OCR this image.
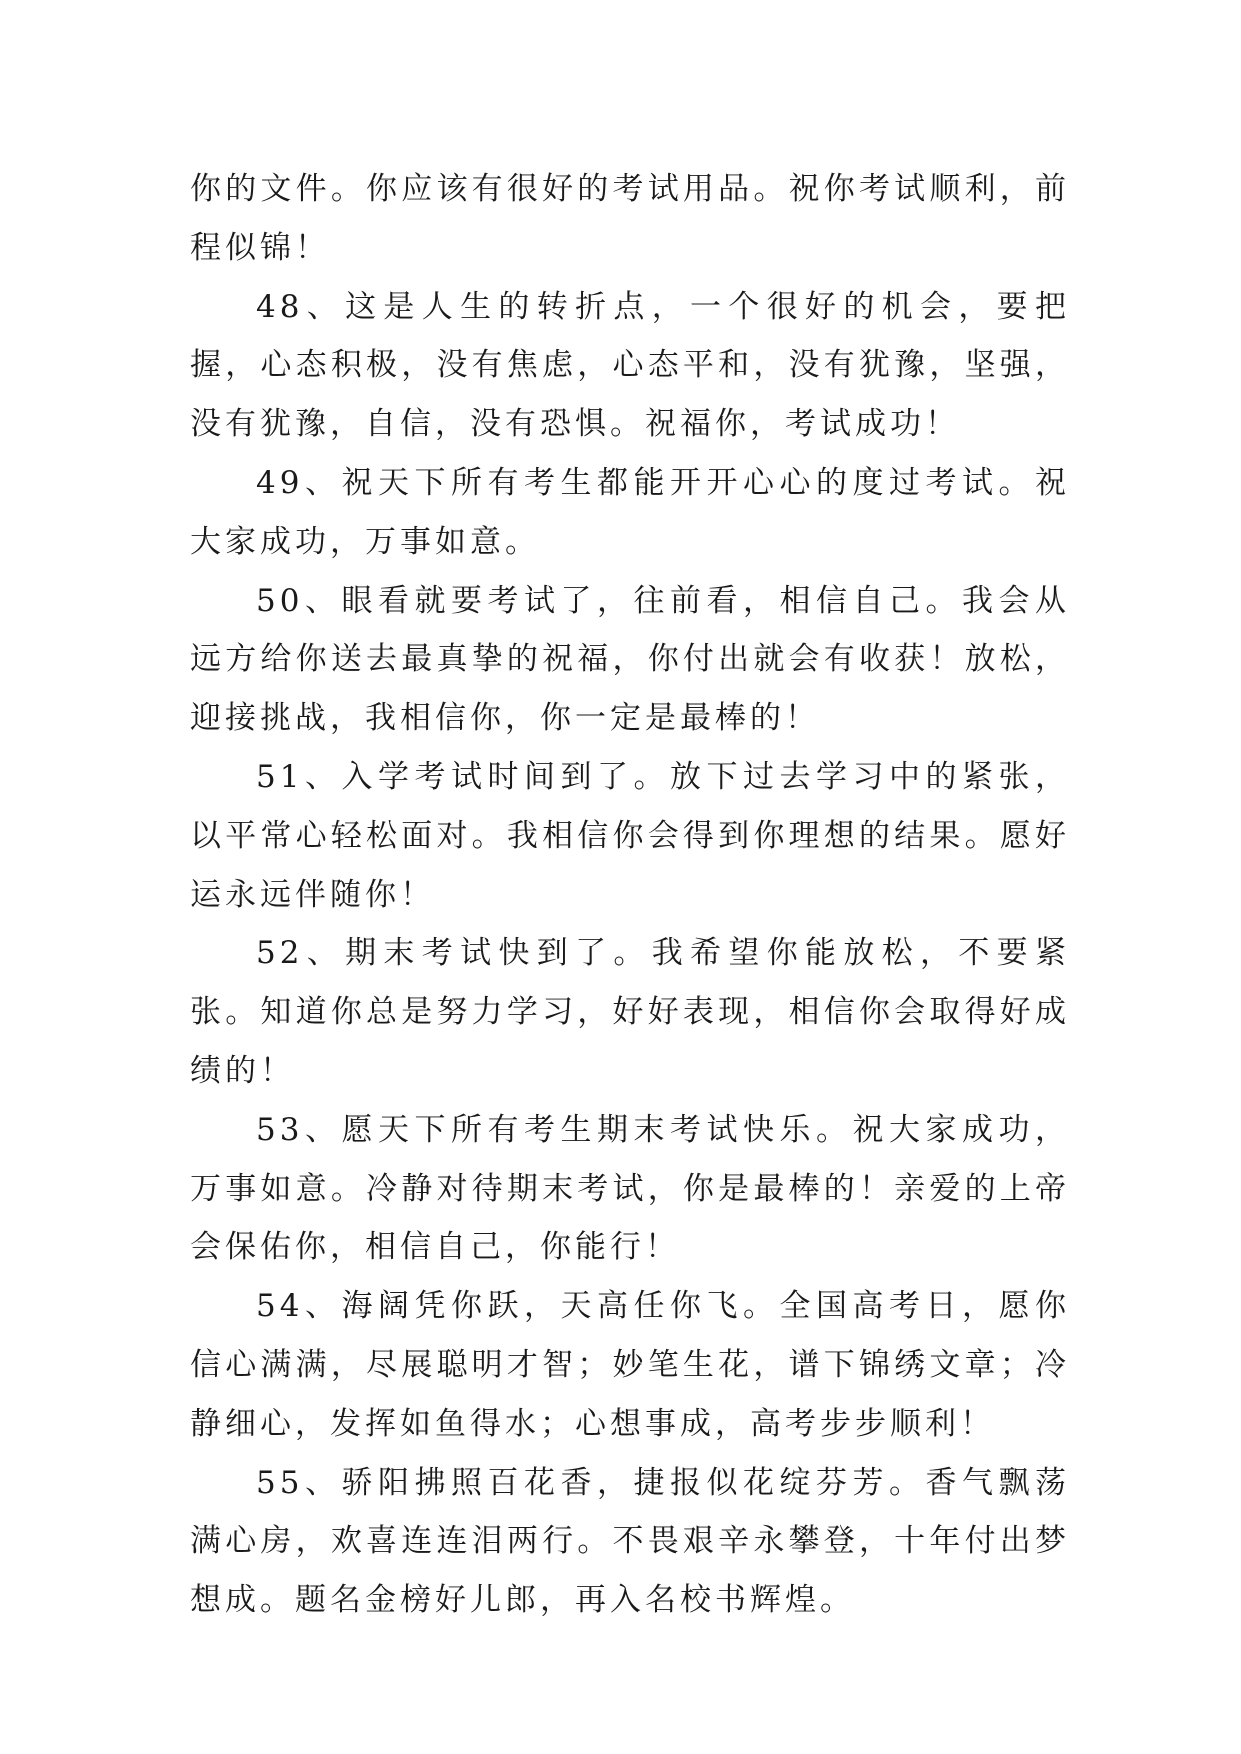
你的文件。你应该有很好的考试用品。祝你考试顺利，前程似锦！

48、这是人生的转折点，一个很好的机会，要把握，心态积极，没有焦虑，心态平和，没有犹豫，坚强，没有犹豫，自信，没有恐惧。祝福你，考试成功！

49、祝天下所有考生都能开开心心的度过考试。祝大家成功，万事如意。

50、眼看就要考试了，往前看，相信自己。我会从远方给你送去最真挚的祝福，你付出就会有收获！放松，迎接挑战，我相信你，你一定是最棒的！

51、入学考试时间到了。放下过去学习中的紧张，以平常心轻松面对。我相信你会得到你理想的结果。愿好运永远伴随你！

52、期末考试快到了。我希望你能放松，不要紧张。知道你总是努力学习，好好表现，相信你会取得好成绩的！

53、愿天下所有考生期末考试快乐。祝大家成功，万事如意。冷静对待期末考试，你是最棒的！亲爱的上帝会保佑你，相信自己，你能行！

54、海阔凭你跃，天高任你飞。全国高考日，愿你信心满满，尽展聪明才智；妙笔生花，谱下锦绣文章；冷静细心，发挥如鱼得水；心想事成，高考步步顺利！

55、骄阳拂照百花香，捷报似花绽芬芳。香气飘荡满心房，欢喜连连泪两行。不畏艰辛永攀登，十年付出梦想成。题名金榜好儿郎，再入名校书辉煌。
